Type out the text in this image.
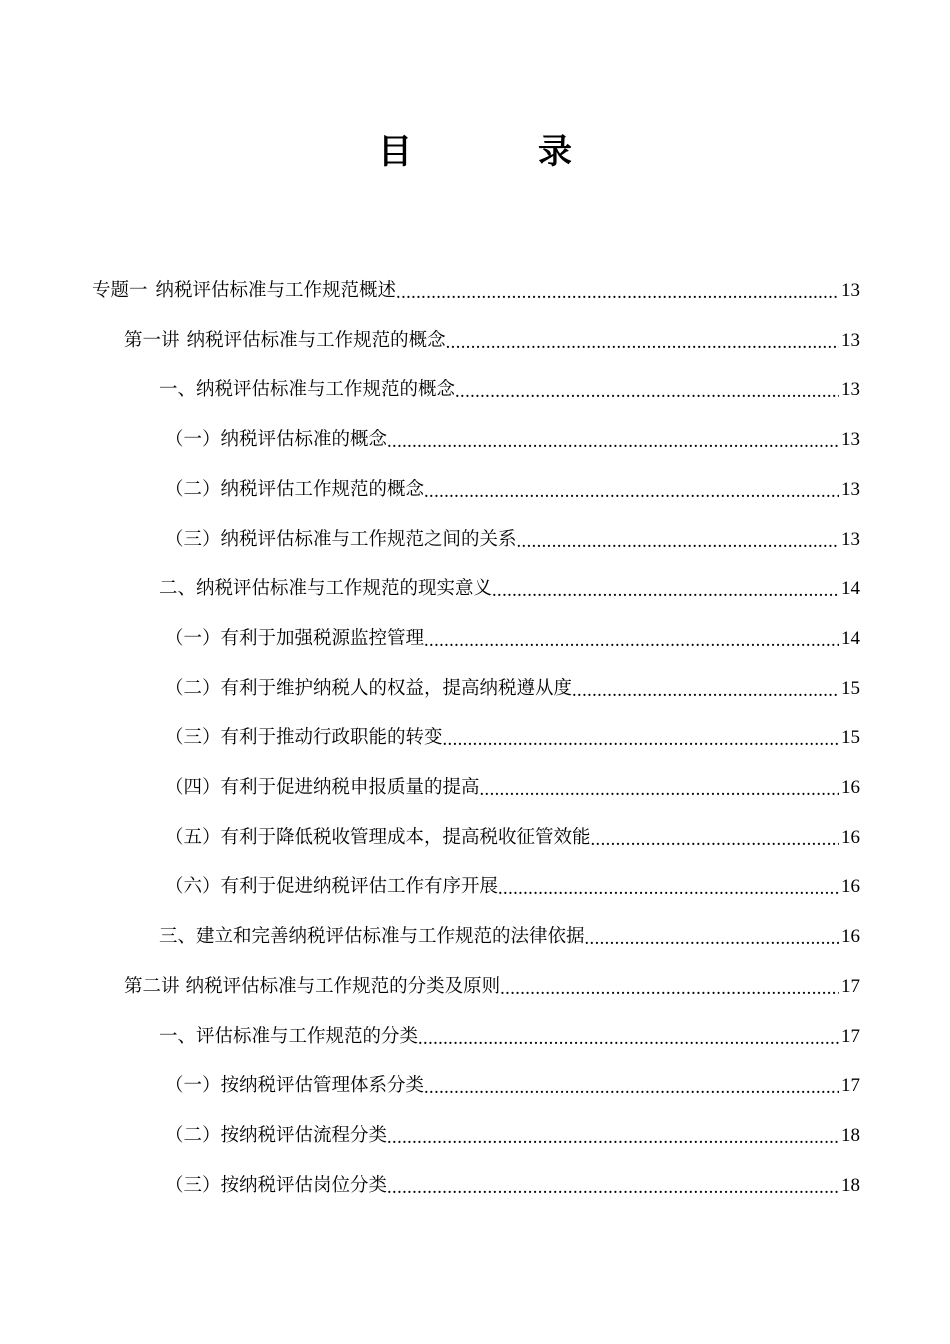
目　录
专题一 纳税评估标准与工作规范概述 .....	13
第一讲 纳税评估标准与工作规范的概念 .....	13
一、纳税评估标准与工作规范的概念 .....	13
（一）纳税评估标准的概念 .....	13
（二）纳税评估工作规范的概念 .....	13
（三）纳税评估标准与工作规范之间的关系 .....	13
二、纳税评估标准与工作规范的现实意义 .....	14
（一）有利于加强税源监控管理 .....	14
（二）有利于维护纳税人的权益，提高纳税遵从度 .....	15
（三）有利于推动行政职能的转变 .....	15
（四）有利于促进纳税申报质量的提高 .....	16
（五）有利于降低税收管理成本，提高税收征管效能 .....	16
（六）有利于促进纳税评估工作有序开展 .....	16
三、建立和完善纳税评估标准与工作规范的法律依据 .....	16
第二讲 纳税评估标准与工作规范的分类及原则 .....	17
一、评估标准与工作规范的分类 .....	17
（一）按纳税评估管理体系分类 .....	17
（二）按纳税评估流程分类 .....	18
（三）按纳税评估岗位分类 .....	18
